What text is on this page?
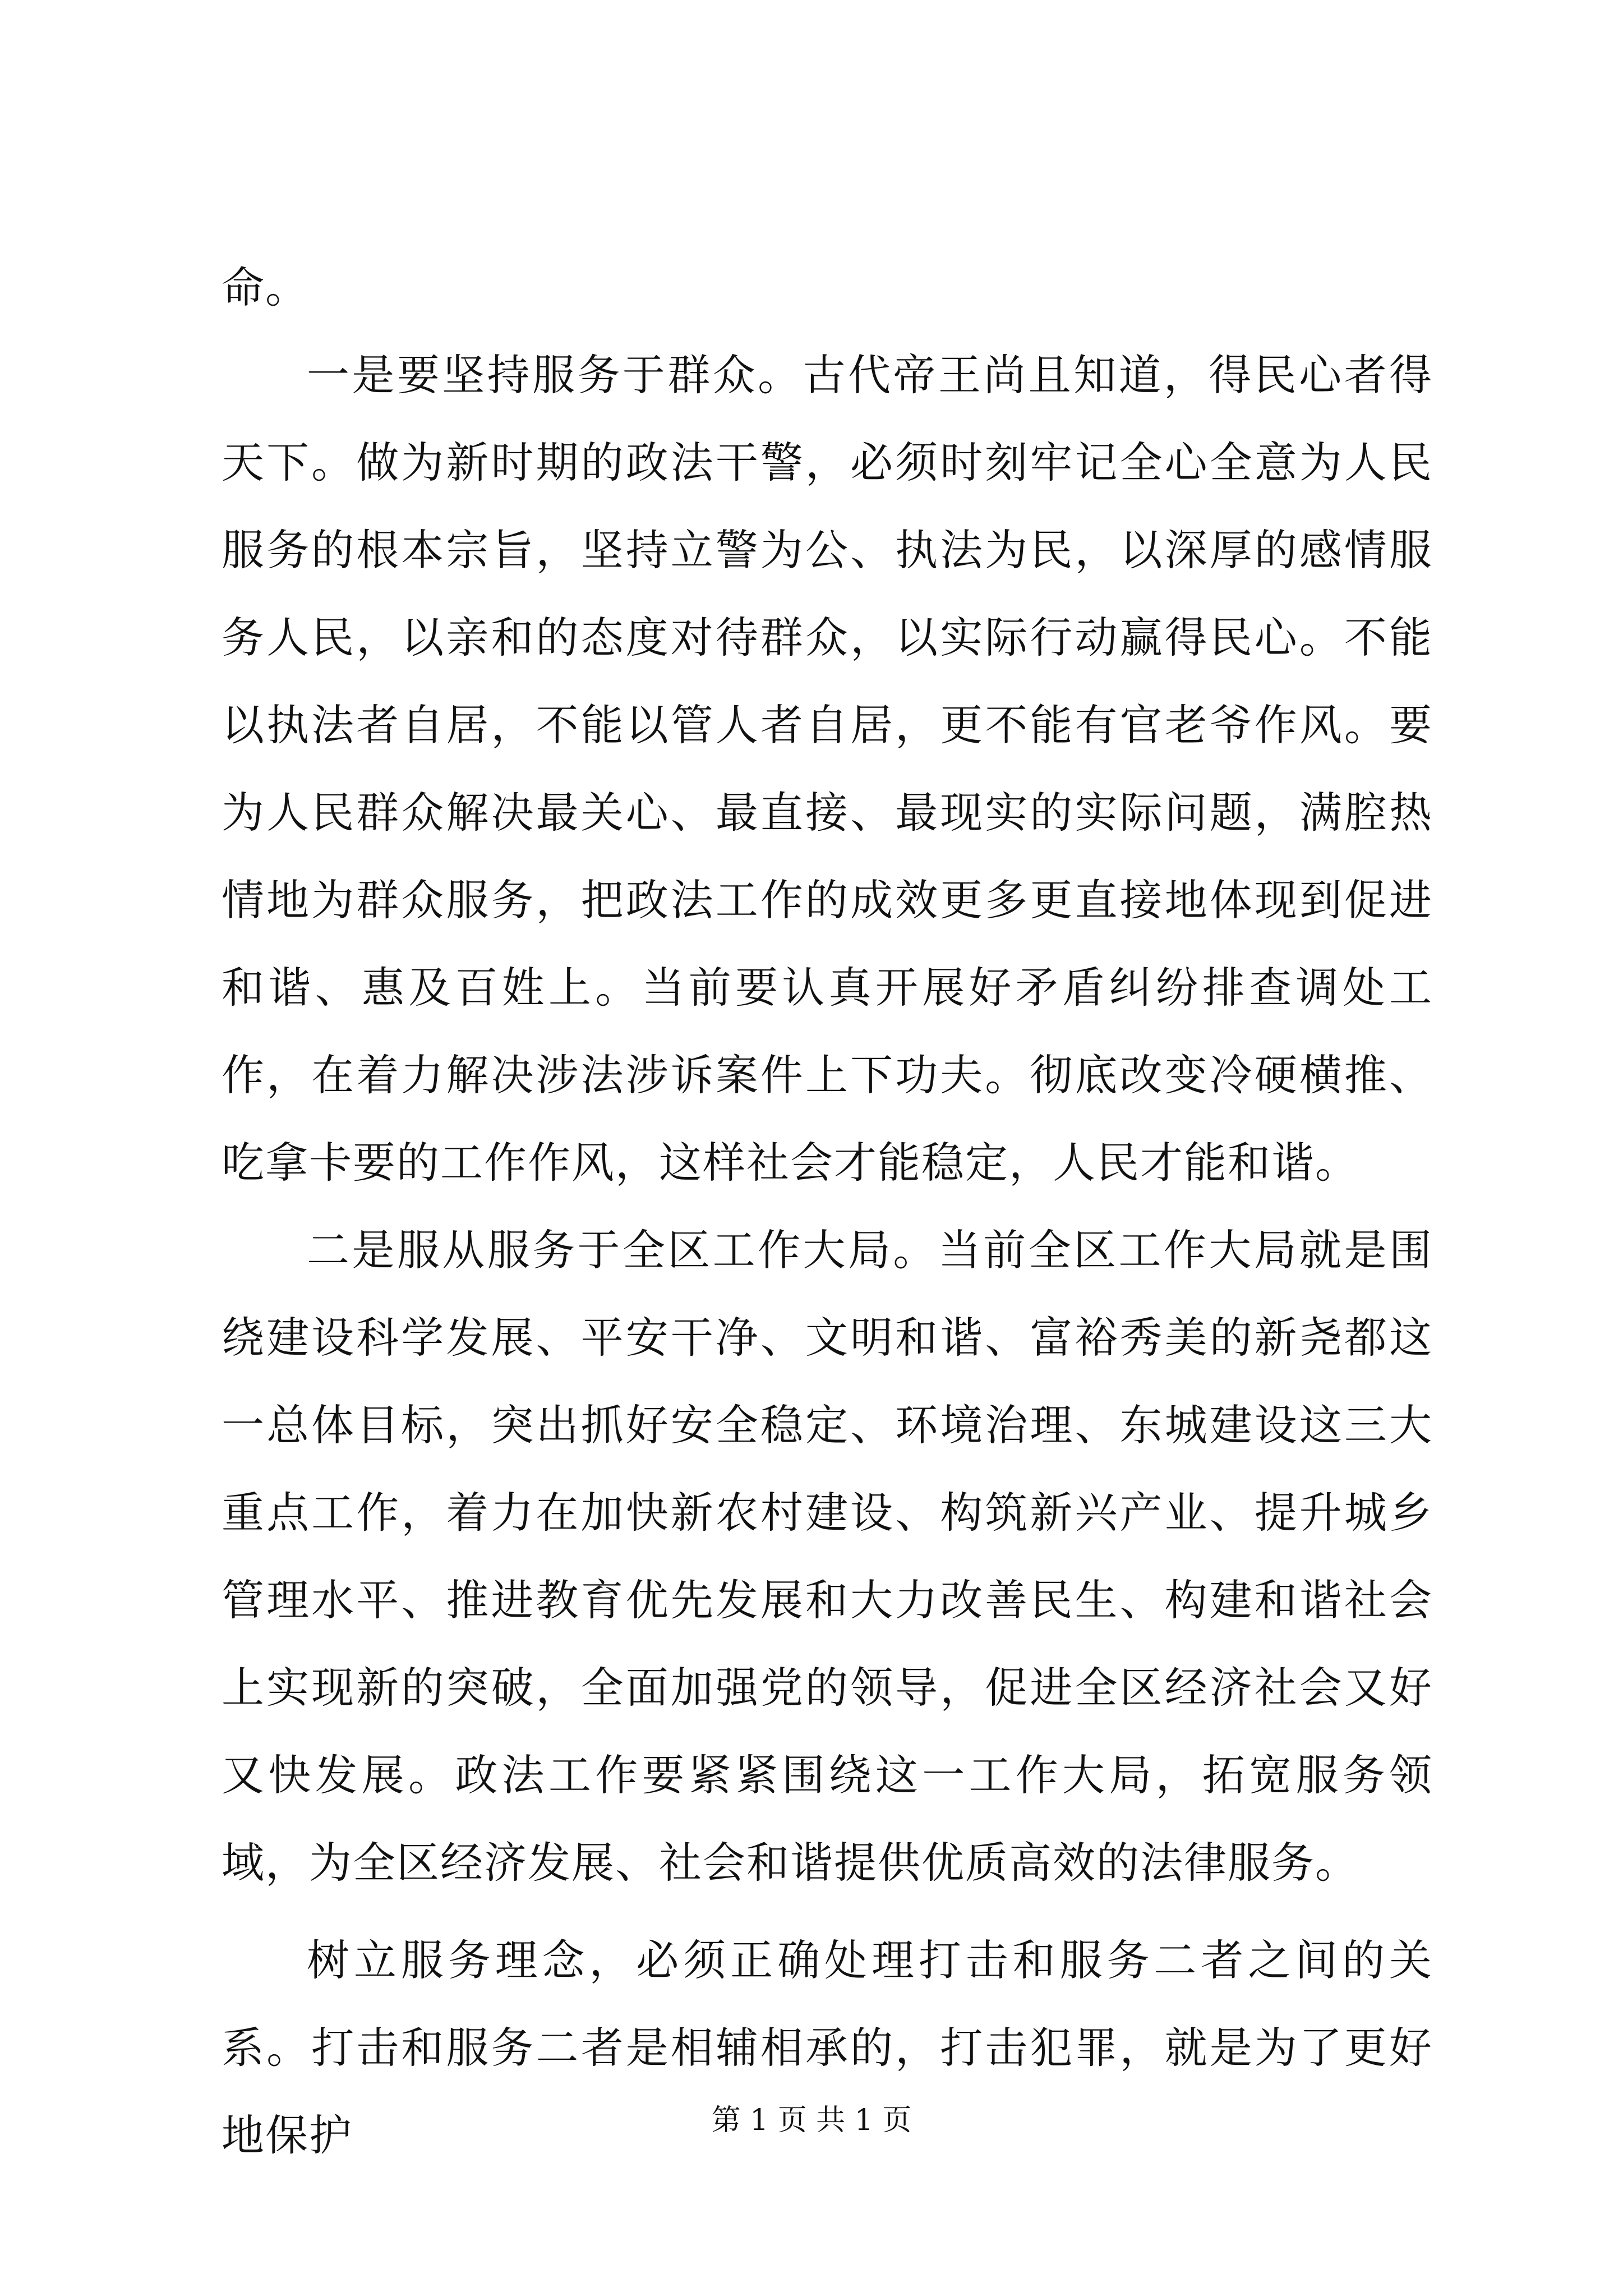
命。

一是要坚持服务于群众。古代帝王尚且知道，得民心者得天下。做为新时期的政法干警，必须时刻牢记全心全意为人民服务的根本宗旨，坚持立警为公、执法为民，以深厚的感情服务人民，以亲和的态度对待群众，以实际行动赢得民心。不能以执法者自居，不能以管人者自居，更不能有官老爷作风。要为人民群众解决最关心、最直接、最现实的实际问题，满腔热情地为群众服务，把政法工作的成效更多更直接地体现到促进和谐、惠及百姓上。当前要认真开展好矛盾纠纷排查调处工作，在着力解决涉法涉诉案件上下功夫。彻底改变冷硬横推、吃拿卡要的工作作风，这样社会才能稳定，人民才能和谐。

二是服从服务于全区工作大局。当前全区工作大局就是围绕建设科学发展、平安干净、文明和谐、富裕秀美的新尧都这一总体目标，突出抓好安全稳定、环境治理、东城建设这三大重点工作，着力在加快新农村建设、构筑新兴产业、提升城乡管理水平、推进教育优先发展和大力改善民生、构建和谐社会上实现新的突破，全面加强党的领导，促进全区经济社会又好又快发展。政法工作要紧紧围绕这一工作大局，拓宽服务领域，为全区经济发展、社会和谐提供优质高效的法律服务。

树立服务理念，必须正确处理打击和服务二者之间的关系。打击和服务二者是相辅相承的，打击犯罪，就是为了更好地保护	第 1 页 共 1 页
